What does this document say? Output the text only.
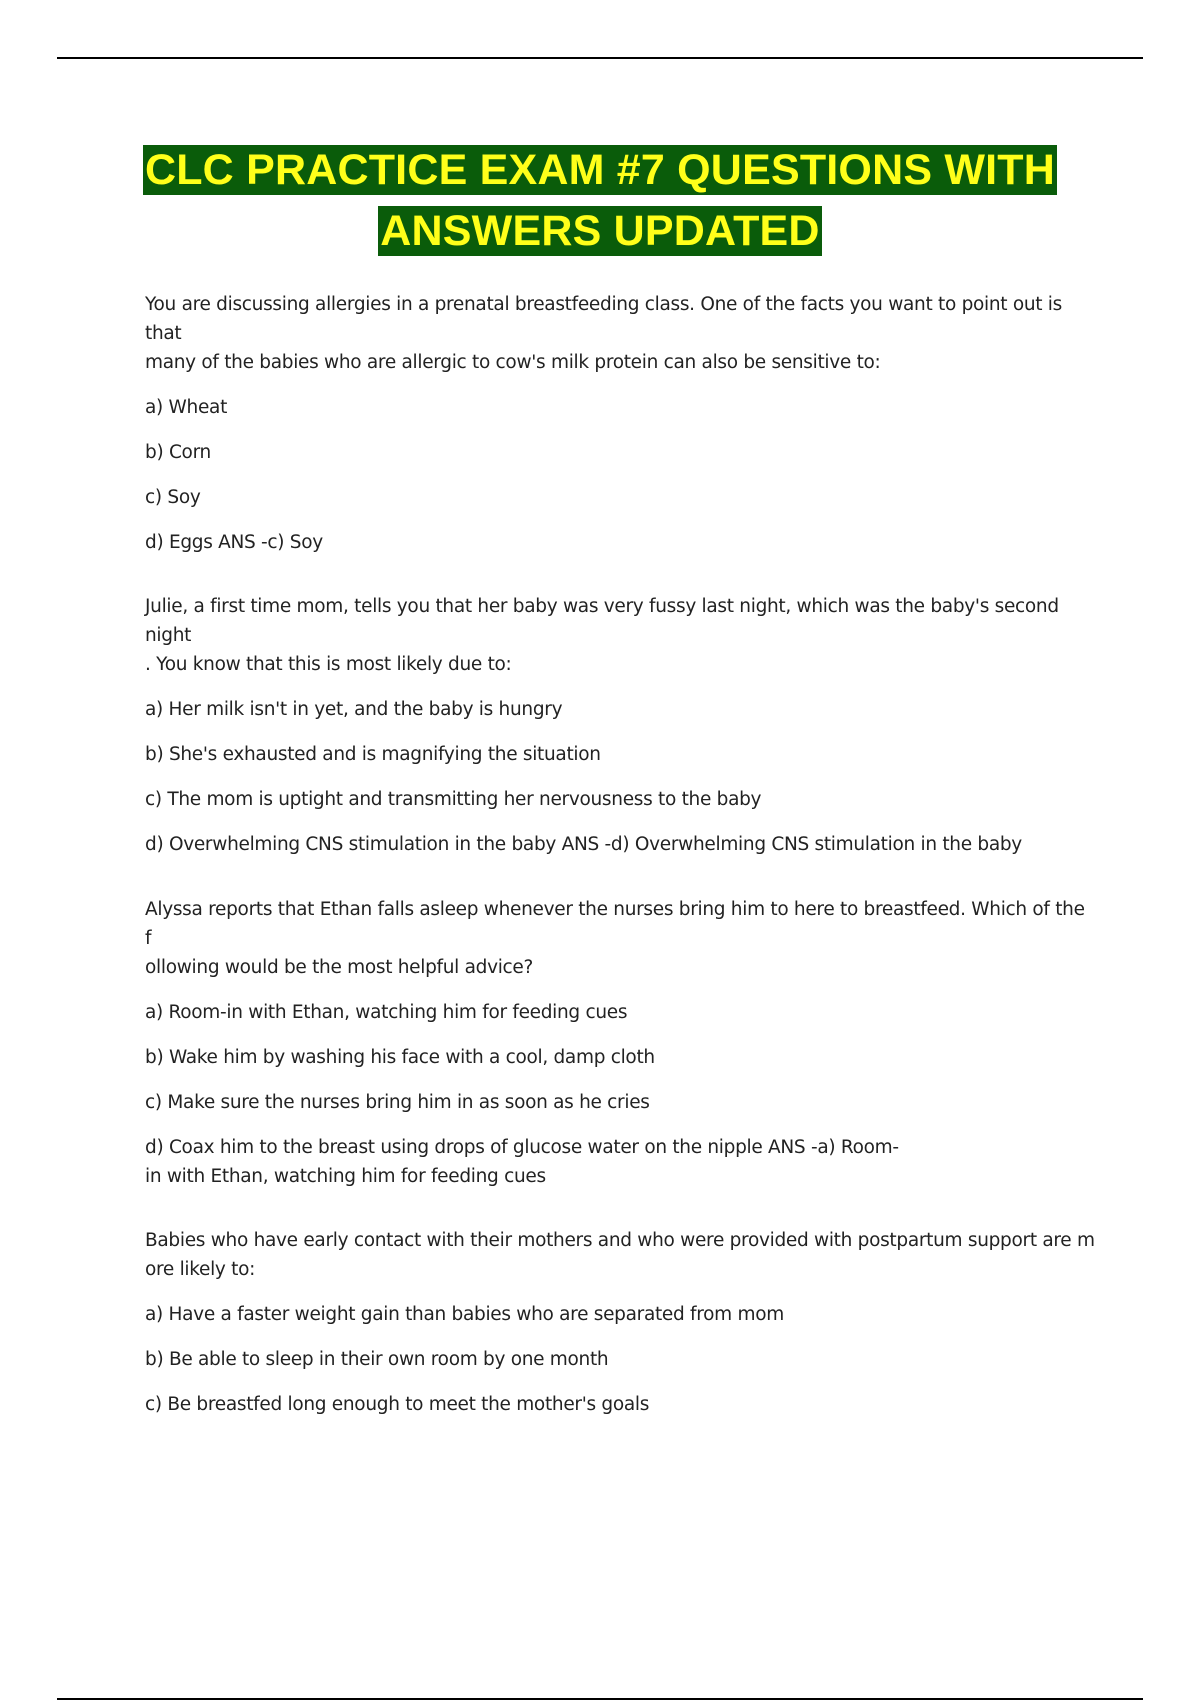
CLC PRACTICE EXAM #7 QUESTIONS WITH
ANSWERS UPDATED
You are discussing allergies in a prenatal breastfeeding class. One of the facts you want to point out is that
many of the babies who are allergic to cow's milk protein can also be sensitive to:
a) Wheat
b) Corn
c) Soy
d) Eggs ANS -c) Soy
Julie, a first time mom, tells you that her baby was very fussy last night, which was the baby's second night
. You know that this is most likely due to:
a) Her milk isn't in yet, and the baby is hungry
b) She's exhausted and is magnifying the situation
c) The mom is uptight and transmitting her nervousness to the baby
d) Overwhelming CNS stimulation in the baby ANS -d) Overwhelming CNS stimulation in the baby
Alyssa reports that Ethan falls asleep whenever the nurses bring him to here to breastfeed. Which of the f
ollowing would be the most helpful advice?
a) Room-in with Ethan, watching him for feeding cues
b) Wake him by washing his face with a cool, damp cloth
c) Make sure the nurses bring him in as soon as he cries
d) Coax him to the breast using drops of glucose water on the nipple ANS -a) Room-
in with Ethan, watching him for feeding cues
Babies who have early contact with their mothers and who were provided with postpartum support are m
ore likely to:
a) Have a faster weight gain than babies who are separated from mom
b) Be able to sleep in their own room by one month
c) Be breastfed long enough to meet the mother's goals
